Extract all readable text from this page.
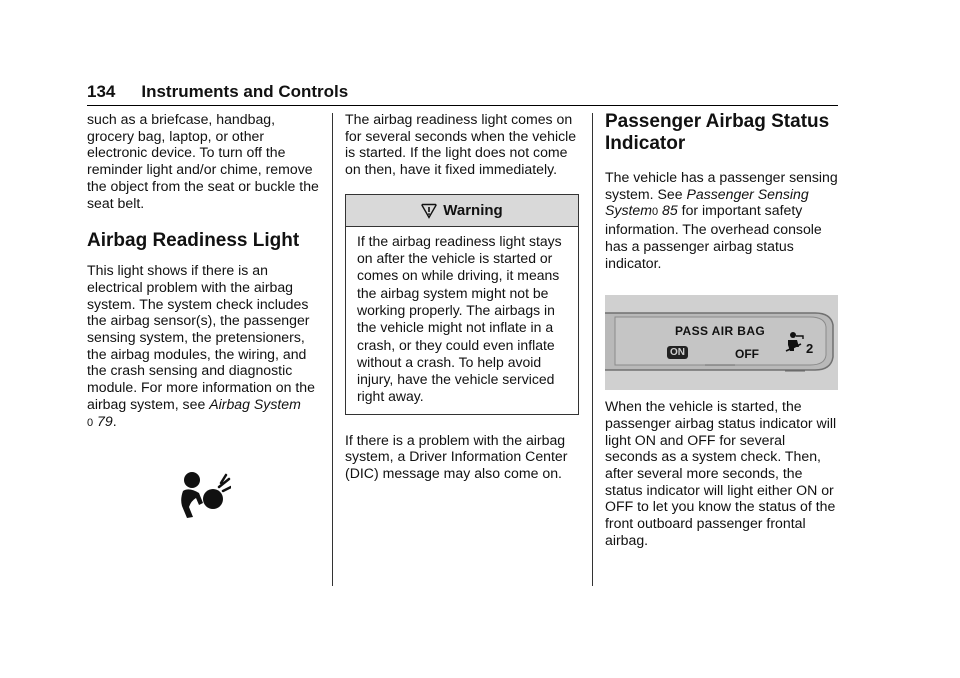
134 Instruments and Controls

such as a briefcase, handbag, grocery bag, laptop, or other electronic device. To turn off the reminder light and/or chime, remove the object from the seat or buckle the seat belt.

Airbag Readiness Light

This light shows if there is an electrical problem with the airbag system. The system check includes the airbag sensor(s), the passenger sensing system, the pretensioners, the airbag modules, the wiring, and the crash sensing and diagnostic module. For more information on the airbag system, see Airbag System
0 79.

The airbag readiness light comes on for several seconds when the vehicle is started. If the light does not come on then, have it fixed immediately.

Warning
If the airbag readiness light stays on after the vehicle is started or comes on while driving, it means the airbag system might not be working properly. The airbags in the vehicle might not inflate in a crash, or they could even inflate without a crash. To help avoid injury, have the vehicle serviced right away.

If there is a problem with the airbag system, a Driver Information Center (DIC) message may also come on.

Passenger Airbag Status Indicator

The vehicle has a passenger sensing system. See Passenger Sensing System0 85 for important safety information. The overhead console has a passenger airbag status indicator.

PASS AIR BAG
ON	OFF	2

When the vehicle is started, the passenger airbag status indicator will light ON and OFF for several seconds as a system check. Then, after several more seconds, the status indicator will light either ON or OFF to let you know the status of the front outboard passenger frontal airbag.
